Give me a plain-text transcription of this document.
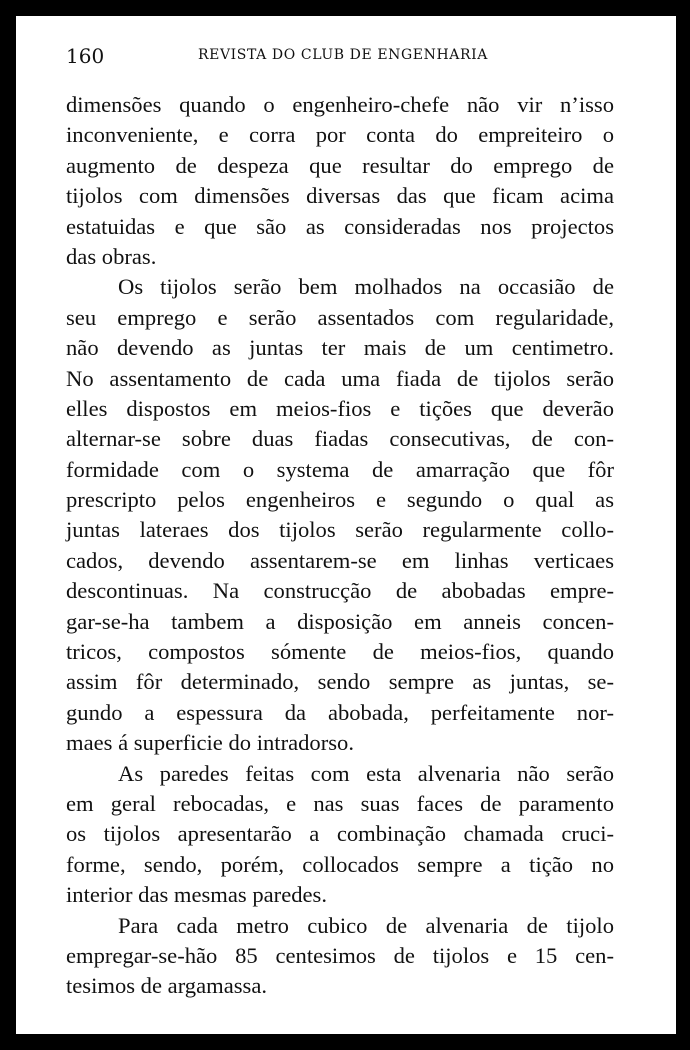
160	REVISTA DO CLUB DE ENGENHARIA
dimensões quando o engenheiro-chefe não vir n’isso
inconveniente, e corra por conta do empreiteiro o
augmento de despeza que resultar do emprego de
tijolos com dimensões diversas das que ficam acima
estatuidas e que são as consideradas nos projectos
das obras.
Os tijolos serão bem molhados na occasião de
seu emprego e serão assentados com regularidade,
não devendo as juntas ter mais de um centimetro.
No assentamento de cada uma fiada de tijolos serão
elles dispostos em meios-fios e tições que deverão
alternar-se sobre duas fiadas consecutivas, de con-
formidade com o systema de amarração que fôr
prescripto pelos engenheiros e segundo o qual as
juntas lateraes dos tijolos serão regularmente collo-
cados, devendo assentarem-se em linhas verticaes
descontinuas. Na construcção de abobadas empre-
gar-se-ha tambem a disposição em anneis concen-
tricos, compostos sómente de meios-fios, quando
assim fôr determinado, sendo sempre as juntas, se-
gundo a espessura da abobada, perfeitamente nor-
maes á superficie do intradorso.
As paredes feitas com esta alvenaria não serão
em geral rebocadas, e nas suas faces de paramento
os tijolos apresentarão a combinação chamada cruci-
forme, sendo, porém, collocados sempre a tição no
interior das mesmas paredes.
Para cada metro cubico de alvenaria de tijolo
empregar-se-hão 85 centesimos de tijolos e 15 cen-
tesimos de argamassa.
